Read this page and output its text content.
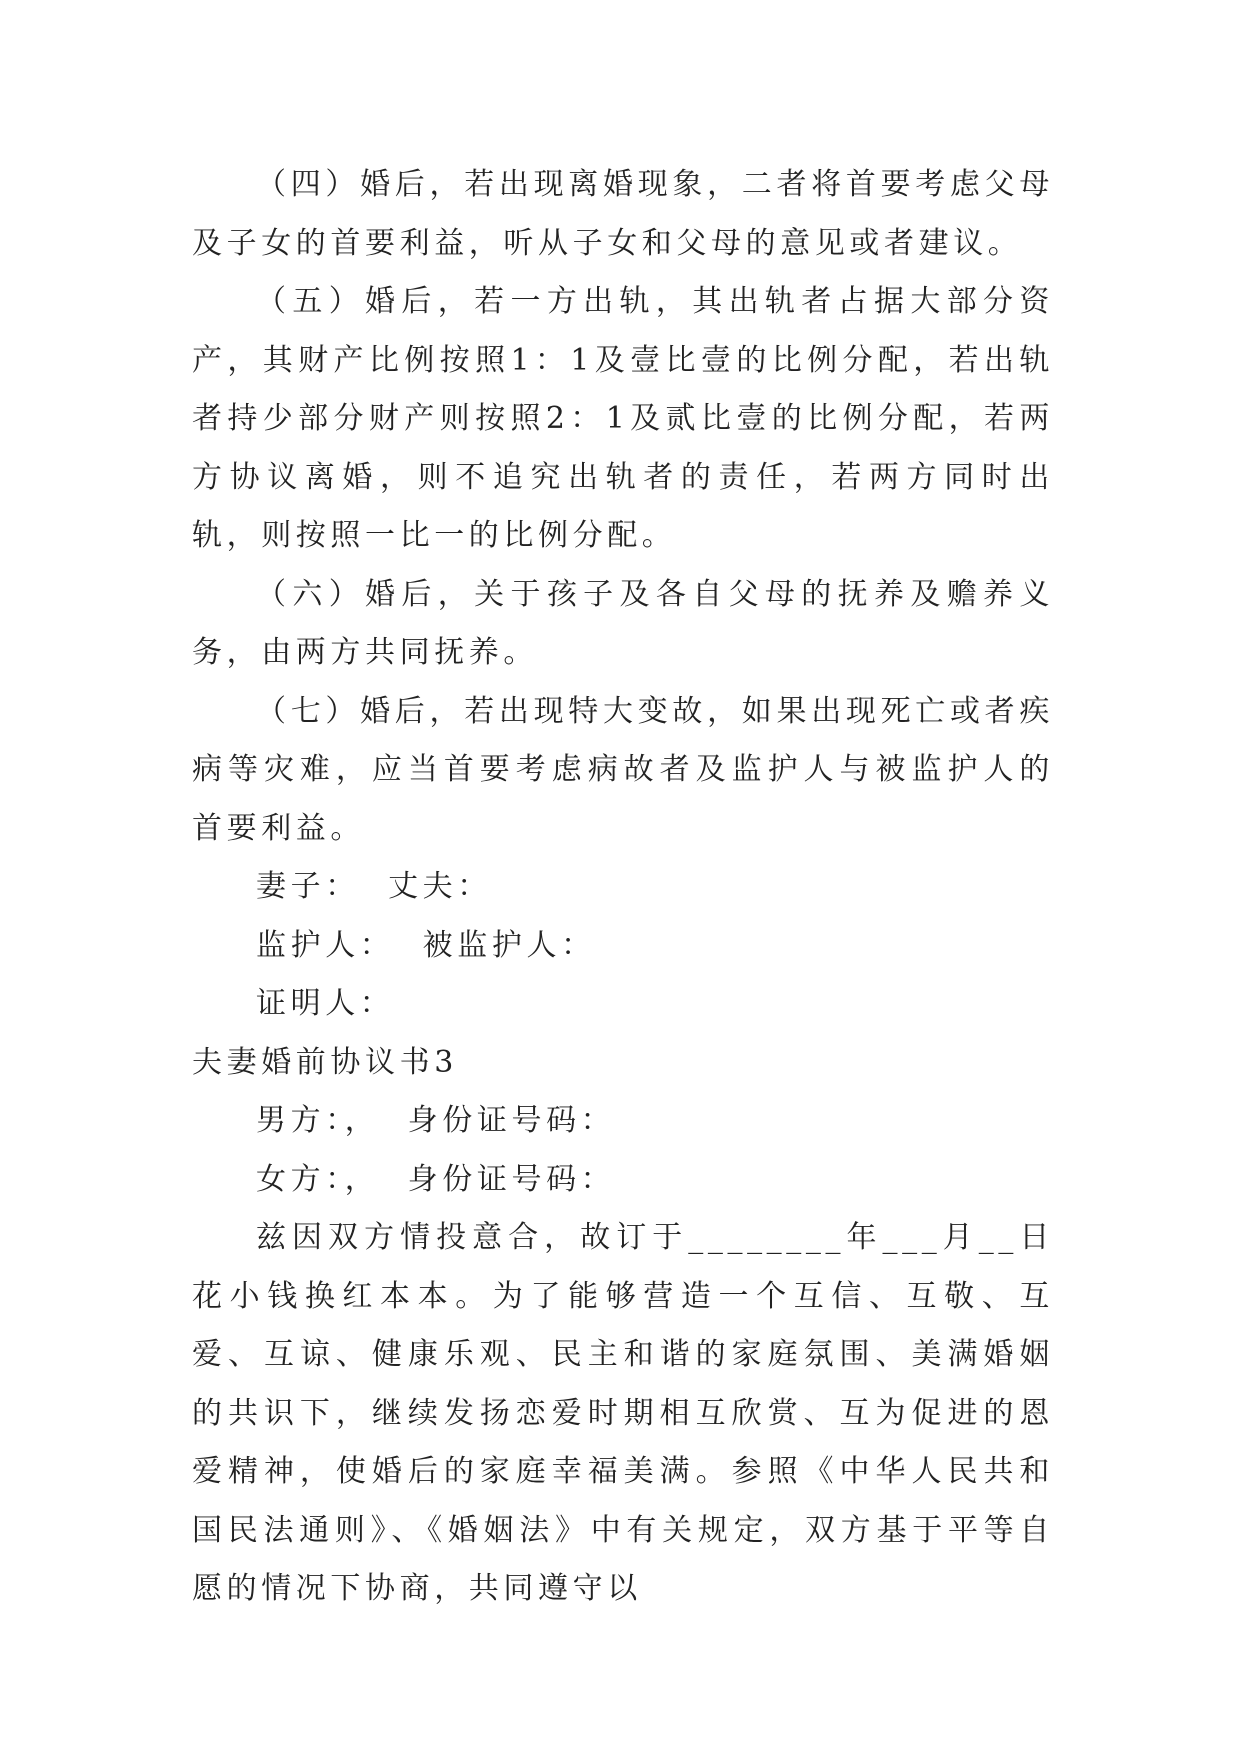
（四）婚后，若出现离婚现象，二者将首要考虑父母及子女的首要利益，听从子女和父母的意见或者建议。

（五）婚后，若一方出轨，其出轨者占据大部分资产，其财产比例按照1：1及壹比壹的比例分配，若出轨者持少部分财产则按照2：1及贰比壹的比例分配，若两方协议离婚，则不追究出轨者的责任，若两方同时出轨，则按照一比一的比例分配。

（六）婚后，关于孩子及各自父母的抚养及赡养义务，由两方共同抚养。

（七）婚后，若出现特大变故，如果出现死亡或者疾病等灾难，应当首要考虑病故者及监护人与被监护人的首要利益。

妻子：  丈夫：

监护人：  被监护人：

证明人：

夫妻婚前协议书3

男方：，  身份证号码：

女方：，  身份证号码：

兹因双方情投意合，故订于________年___月__日花小钱换红本本。为了能够营造一个互信、互敬、互爱、互谅、健康乐观、民主和谐的家庭氛围、美满婚姻的共识下，继续发扬恋爱时期相互欣赏、互为促进的恩爱精神，使婚后的家庭幸福美满。参照《中华人民共和国民法通则》、《婚姻法》中有关规定，双方基于平等自愿的情况下协商，共同遵守以
